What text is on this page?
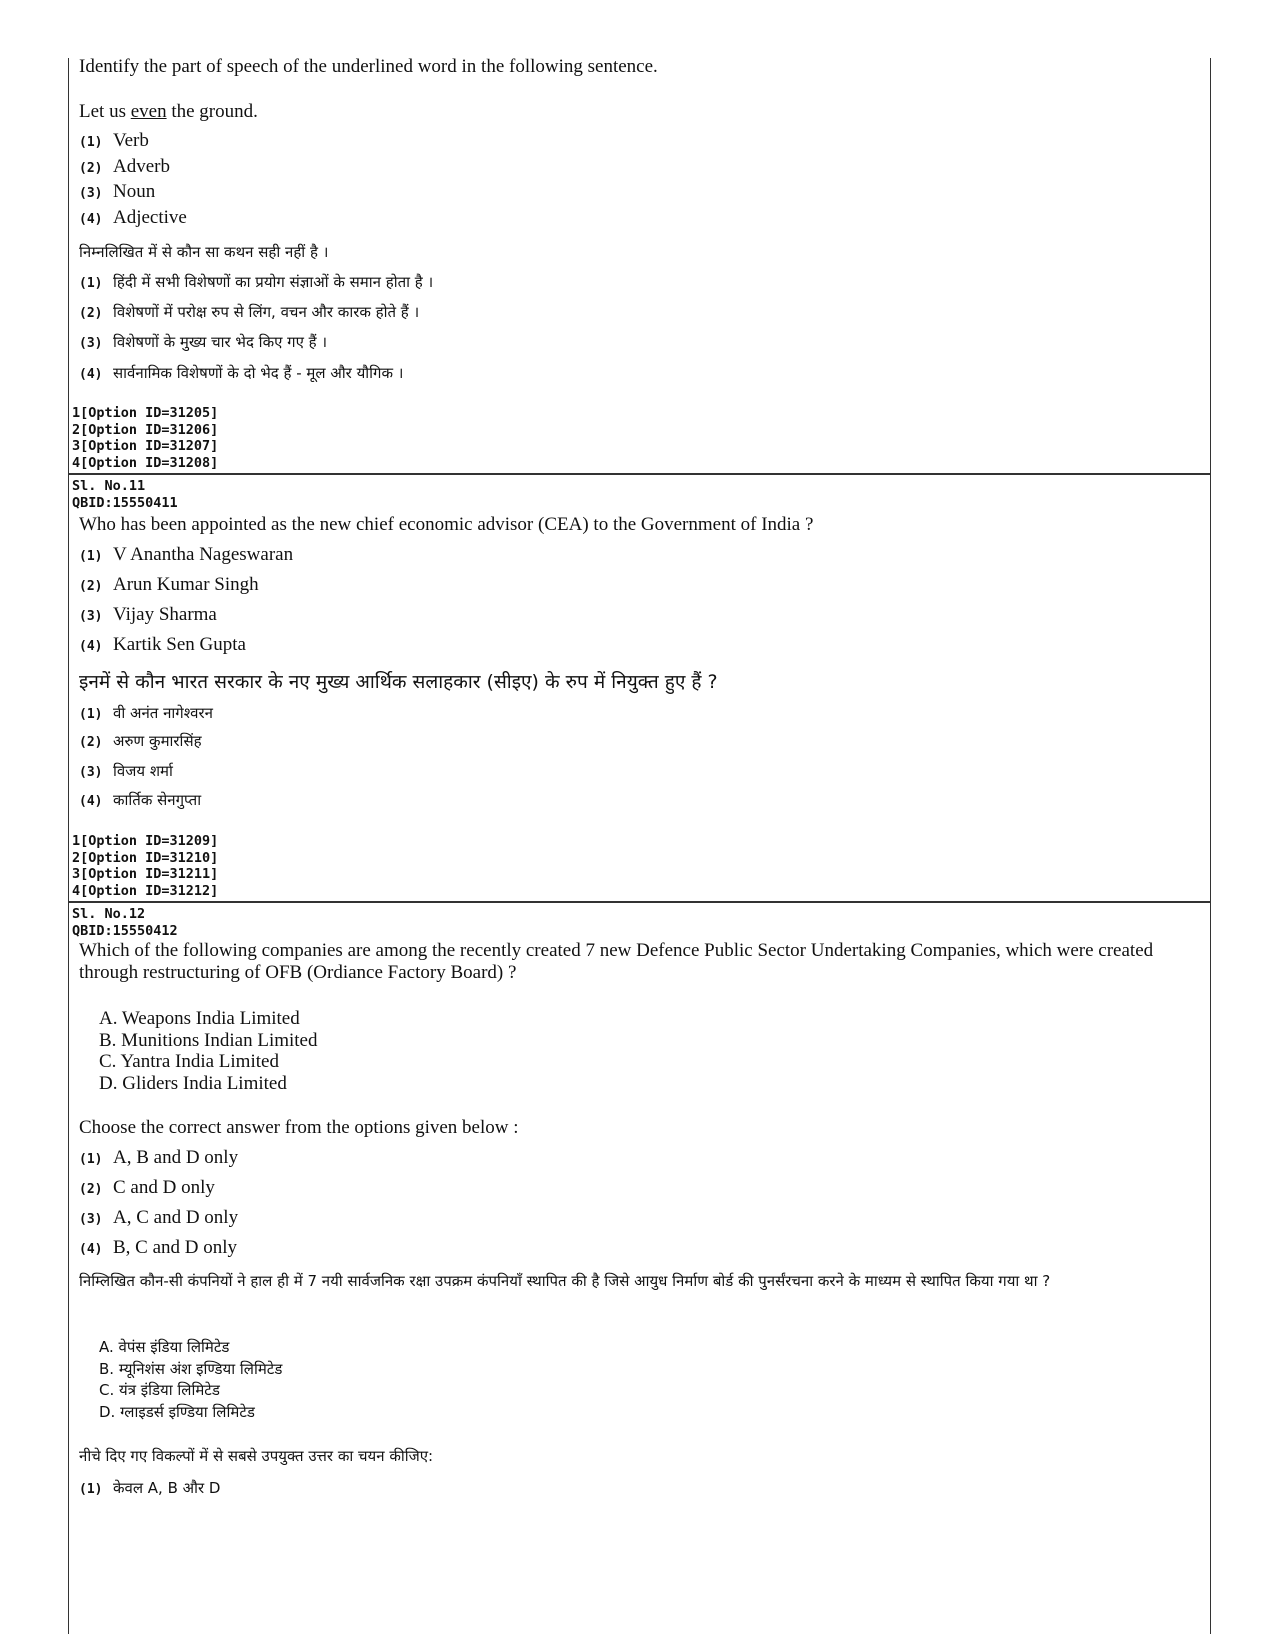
Identify the part of speech of the underlined word in the following sentence.
Let us even the ground.
(1) Verb
(2) Adverb
(3) Noun
(4) Adjective
निम्नलिखित में से कौन सा कथन सही नहीं है ।
(1) हिंदी में सभी विशेषणों का प्रयोग संज्ञाओं के समान होता है ।
(2) विशेषणों में परोक्ष रुप से लिंग, वचन और कारक होते हैं ।
(3) विशेषणों के मुख्य चार भेद किए गए हैं ।
(4) सार्वनामिक विशेषणों के दो भेद हैं - मूल और यौगिक ।
1[Option ID=31205]
2[Option ID=31206]
3[Option ID=31207]
4[Option ID=31208]
Sl. No.11
QBID:15550411
Who has been appointed as the new chief economic advisor (CEA) to the Government of India ?
(1) V Anantha Nageswaran
(2) Arun Kumar Singh
(3) Vijay Sharma
(4) Kartik Sen Gupta
इनमें से कौन भारत सरकार के नए मुख्य आर्थिक सलाहकार (सीइए) के रुप में नियुक्त हुए हैं ?
(1) वी अनंत नागेश्वरन
(2) अरुण कुमारसिंह
(3) विजय शर्मा
(4) कार्तिक सेनगुप्ता
1[Option ID=31209]
2[Option ID=31210]
3[Option ID=31211]
4[Option ID=31212]
Sl. No.12
QBID:15550412
Which of the following companies are among the recently created 7 new Defence Public Sector Undertaking Companies, which were created through restructuring of OFB (Ordiance Factory Board) ?
A. Weapons India Limited
B. Munitions Indian Limited
C. Yantra India Limited
D. Gliders India Limited
Choose the correct answer from the options given below :
(1) A, B and D only
(2) C and D only
(3) A, C and D only
(4) B, C and D only
निम्लिखित कौन-सी कंपनियों ने हाल ही में 7 नयी सार्वजनिक रक्षा उपक्रम कंपनियाँ स्थापित की है जिसे आयुध निर्माण बोर्ड की पुनर्संरचना करने के माध्यम से स्थापित किया गया था ?
A. वेपंस इंडिया लिमिटेड
B. म्यूनिशंस अंश इण्डिया लिमिटेड
C. यंत्र इंडिया लिमिटेड
D. ग्लाइडर्स इण्डिया लिमिटेड
नीचे दिए गए विकल्पों में से सबसे उपयुक्त उत्तर का चयन कीजिए:
(1) केवल A, B और D
